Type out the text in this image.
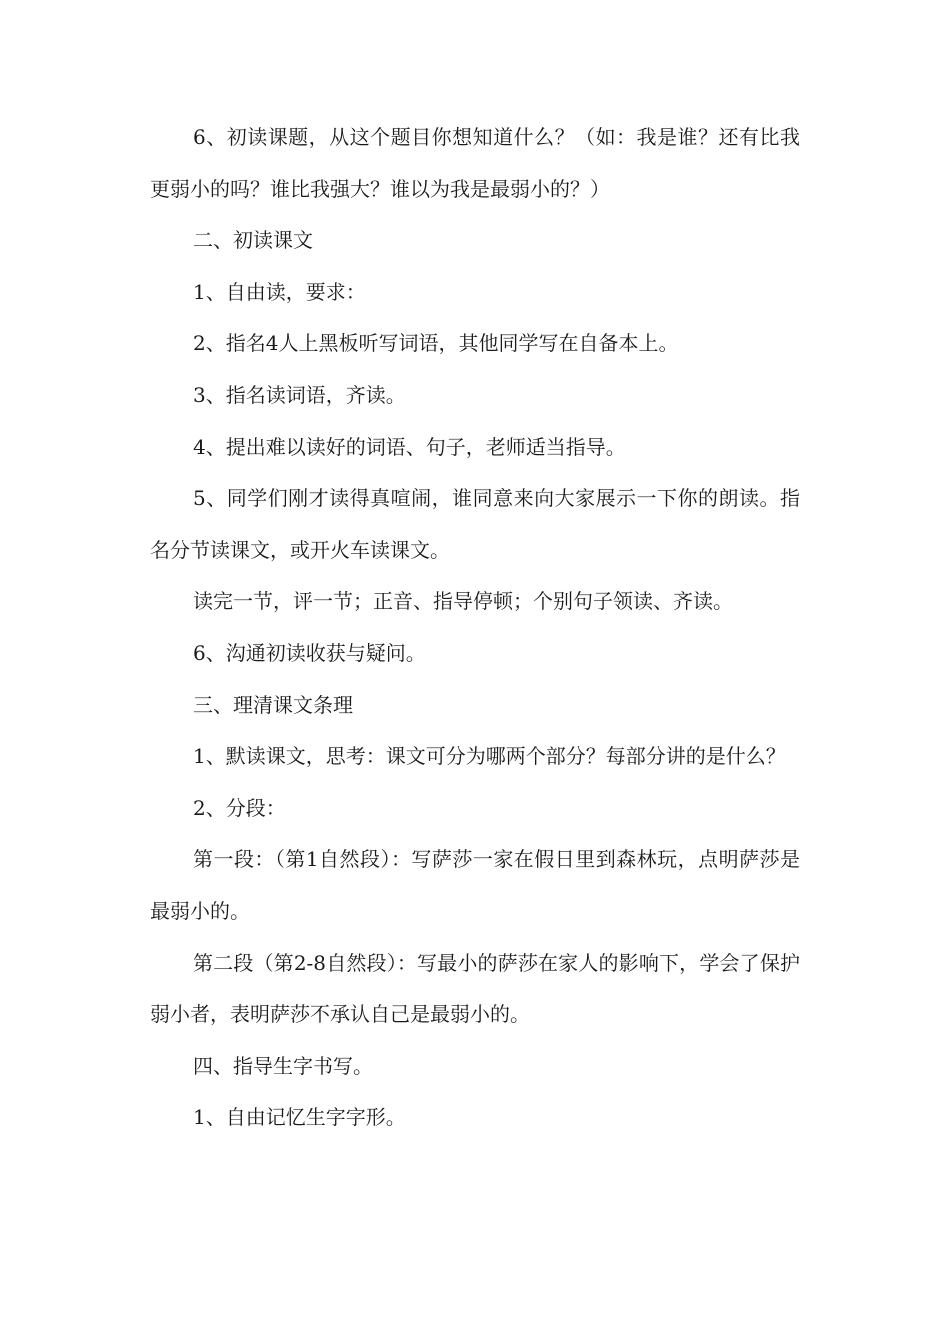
6、初读课题，从这个题目你想知道什么？（如：我是谁？还有比我更弱小的吗？谁比我强大？谁以为我是最弱小的？）

二、初读课文

1、自由读，要求：

2、指名4人上黑板听写词语，其他同学写在自备本上。

3、指名读词语，齐读。

4、提出难以读好的词语、句子，老师适当指导。

5、同学们刚才读得真喧闹，谁同意来向大家展示一下你的朗读。指名分节读课文，或开火车读课文。

读完一节，评一节；正音、指导停顿；个别句子领读、齐读。

6、沟通初读收获与疑问。

三、理清课文条理

1、默读课文，思考：课文可分为哪两个部分？每部分讲的是什么？

2、分段：

第一段：（第1自然段）：写萨莎一家在假日里到森林玩，点明萨莎是最弱小的。

第二段（第2-8自然段）：写最小的萨莎在家人的影响下，学会了保护弱小者，表明萨莎不承认自己是最弱小的。

四、指导生字书写。

1、自由记忆生字字形。
